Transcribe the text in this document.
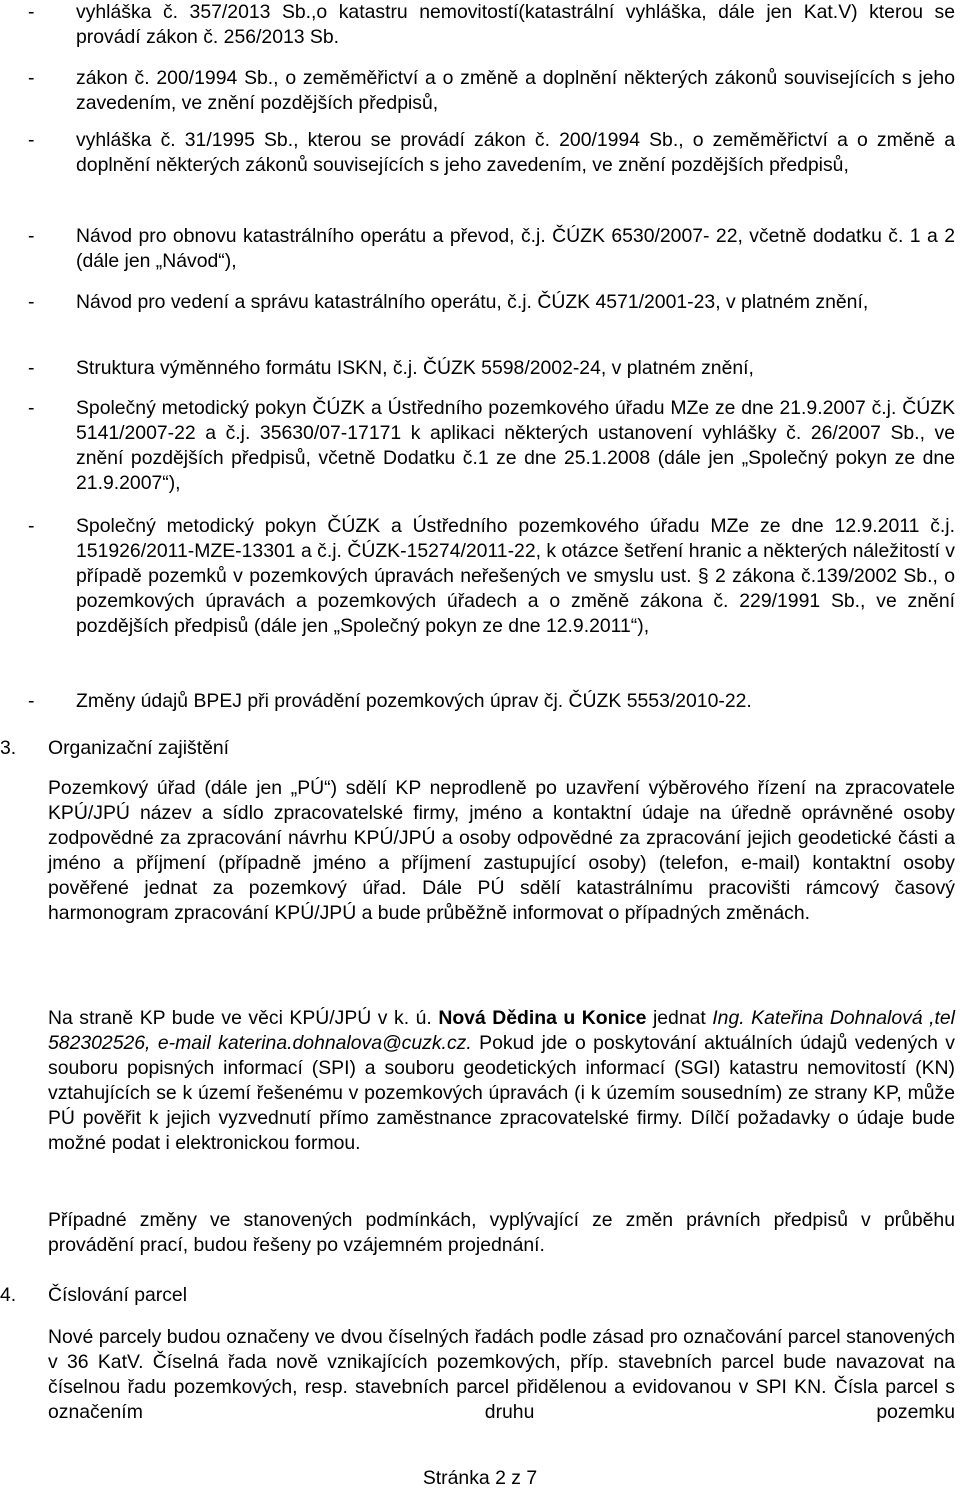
- vyhláška č. 357/2013 Sb.,o katastru nemovitostí(katastrální vyhláška, dále jen Kat.V) kterou se provádí zákon č. 256/2013 Sb.
- zákon č. 200/1994 Sb., o zeměměřictví a o změně a doplnění některých zákonů souvisejících s jeho zavedením, ve znění pozdějších předpisů,
- vyhláška č. 31/1995 Sb., kterou se provádí zákon č. 200/1994 Sb., o zeměměřictví a o změně a doplnění některých zákonů souvisejících s jeho zavedením, ve znění pozdějších předpisů,
- Návod pro obnovu katastrálního operátu a převod, č.j. ČÚZK 6530/2007- 22, včetně dodatku č. 1 a 2 (dále jen „Návod“),
- Návod pro vedení a správu katastrálního operátu, č.j. ČÚZK 4571/2001-23, v platném znění,
- Struktura výměnného formátu ISKN, č.j. ČÚZK 5598/2002-24, v platném znění,
- Společný metodický pokyn ČÚZK a Ústředního pozemkového úřadu MZe ze dne 21.9.2007 č.j. ČÚZK 5141/2007-22 a č.j. 35630/07-17171 k aplikaci některých ustanovení vyhlášky č. 26/2007 Sb., ve znění pozdějších předpisů, včetně Dodatku č.1 ze dne 25.1.2008 (dále jen „Společný pokyn ze dne 21.9.2007“),
- Společný metodický pokyn ČÚZK a Ústředního pozemkového úřadu MZe ze dne 12.9.2011 č.j. 151926/2011-MZE-13301 a č.j. ČÚZK-15274/2011-22, k otázce šetření hranic a některých náležitostí v případě pozemků v pozemkových úpravách neřešených ve smyslu ust. § 2 zákona č.139/2002 Sb., o pozemkových úpravách a pozemkových úřadech a o změně zákona č. 229/1991 Sb., ve znění pozdějších předpisů (dále jen „Společný pokyn ze dne 12.9.2011“),
- Změny údajů BPEJ při provádění pozemkových úprav čj. ČÚZK 5553/2010-22.
3. Organizační zajištění
Pozemkový úřad (dále jen „PÚ“) sdělí KP neprodleně po uzavření výběrového řízení na zpracovatele KPÚ/JPÚ název a sídlo zpracovatelské firmy, jméno a kontaktní údaje na úředně oprávněné osoby zodpovědné za zpracování návrhu KPÚ/JPÚ a osoby odpovědné za zpracování jejich geodetické části a jméno a příjmení (případně jméno a příjmení zastupující osoby) (telefon, e-mail) kontaktní osoby pověřené jednat za pozemkový úřad. Dále PÚ sdělí katastrálnímu pracovišti rámcový časový harmonogram zpracování KPÚ/JPÚ a bude průběžně informovat o případných změnách.
Na straně KP bude ve věci KPÚ/JPÚ v k. ú. Nová Dědina u Konice jednat Ing. Kateřina Dohnalová ,tel 582302526, e-mail katerina.dohnalova@cuzk.cz. Pokud jde o poskytování aktuálních údajů vedených v souboru popisných informací (SPI) a souboru geodetických informací (SGI) katastru nemovitostí (KN) vztahujících se k území řešenému v pozemkových úpravách (i k územím sousedním) ze strany KP, může PÚ pověřit k jejich vyzvednutí přímo zaměstnance zpracovatelské firmy. Dílčí požadavky o údaje bude možné podat i elektronickou formou.
Případné změny ve stanovených podmínkách, vyplývající ze změn právních předpisů v průběhu provádění prací, budou řešeny po vzájemném projednání.
4. Číslování parcel
Nové parcely budou označeny ve dvou číselných řadách podle zásad pro označování parcel stanovených v 36 KatV. Číselná řada nově vznikajících pozemkových, příp. stavebních parcel bude navazovat na číselnou řadu pozemkových, resp. stavebních parcel přidělenou a evidovanou v SPI KN. Čísla parcel s označením druhu pozemku
Stránka 2 z 7
